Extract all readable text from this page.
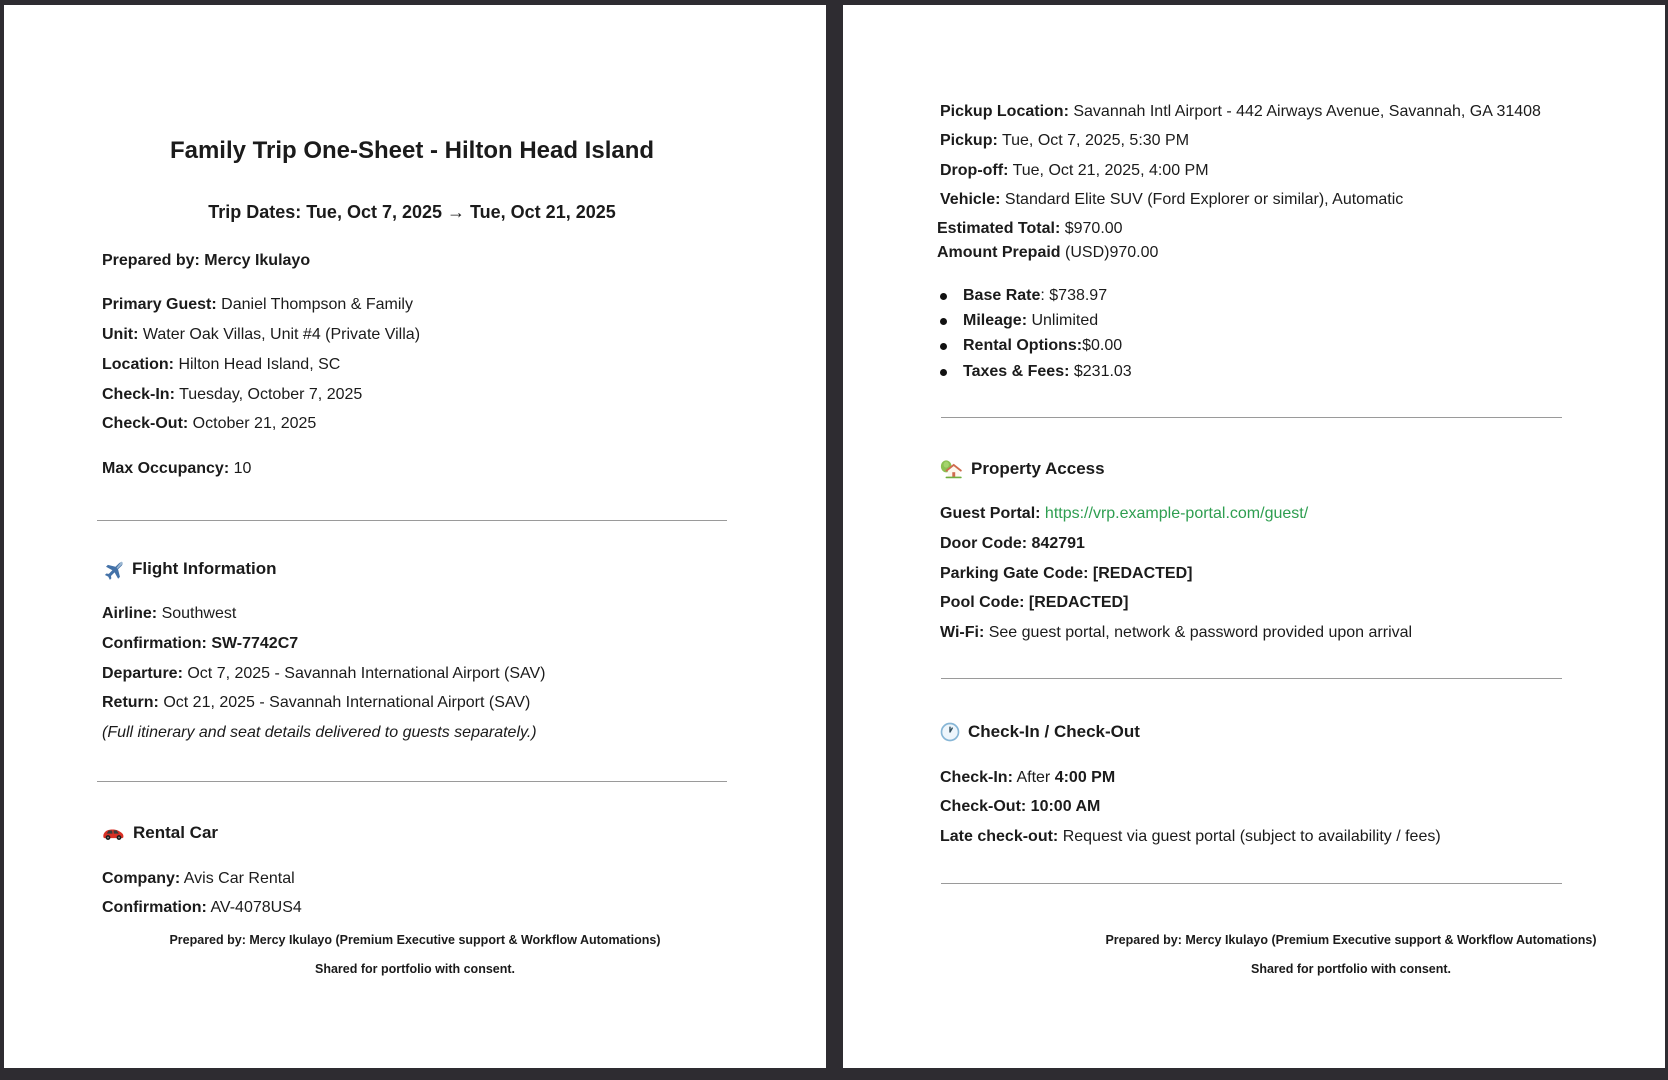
Family Trip One-Sheet - Hilton Head Island
Trip Dates: Tue, Oct 7, 2025 → Tue, Oct 21, 2025
Prepared by: Mercy Ikulayo
Primary Guest: Daniel Thompson & Family
Unit: Water Oak Villas, Unit #4 (Private Villa)
Location: Hilton Head Island, SC
Check-In: Tuesday, October 7, 2025
Check-Out: October 21, 2025
Max Occupancy: 10
Flight Information
Airline: Southwest
Confirmation: SW-7742C7
Departure: Oct 7, 2025 - Savannah International Airport (SAV)
Return: Oct 21, 2025 - Savannah International Airport (SAV)
(Full itinerary and seat details delivered to guests separately.)
Rental Car
Company: Avis Car Rental
Confirmation: AV-4078US4
Prepared by: Mercy Ikulayo (Premium Executive support & Workflow Automations)
Shared for portfolio with consent.
Pickup Location: Savannah Intl Airport - 442 Airways Avenue, Savannah, GA 31408
Pickup: Tue, Oct 7, 2025, 5:30 PM
Drop-off: Tue, Oct 21, 2025, 4:00 PM
Vehicle: Standard Elite SUV (Ford Explorer or similar), Automatic
Estimated Total: $970.00
Amount Prepaid (USD)970.00
Base Rate: $738.97
Mileage: Unlimited
Rental Options:$0.00
Taxes & Fees: $231.03
Property Access
Guest Portal: https://vrp.example-portal.com/guest/
Door Code: 842791
Parking Gate Code: [REDACTED]
Pool Code: [REDACTED]
Wi-Fi: See guest portal, network & password provided upon arrival
Check-In / Check-Out
Check-In: After 4:00 PM
Check-Out: 10:00 AM
Late check-out: Request via guest portal (subject to availability / fees)
Prepared by: Mercy Ikulayo (Premium Executive support & Workflow Automations)
Shared for portfolio with consent.
